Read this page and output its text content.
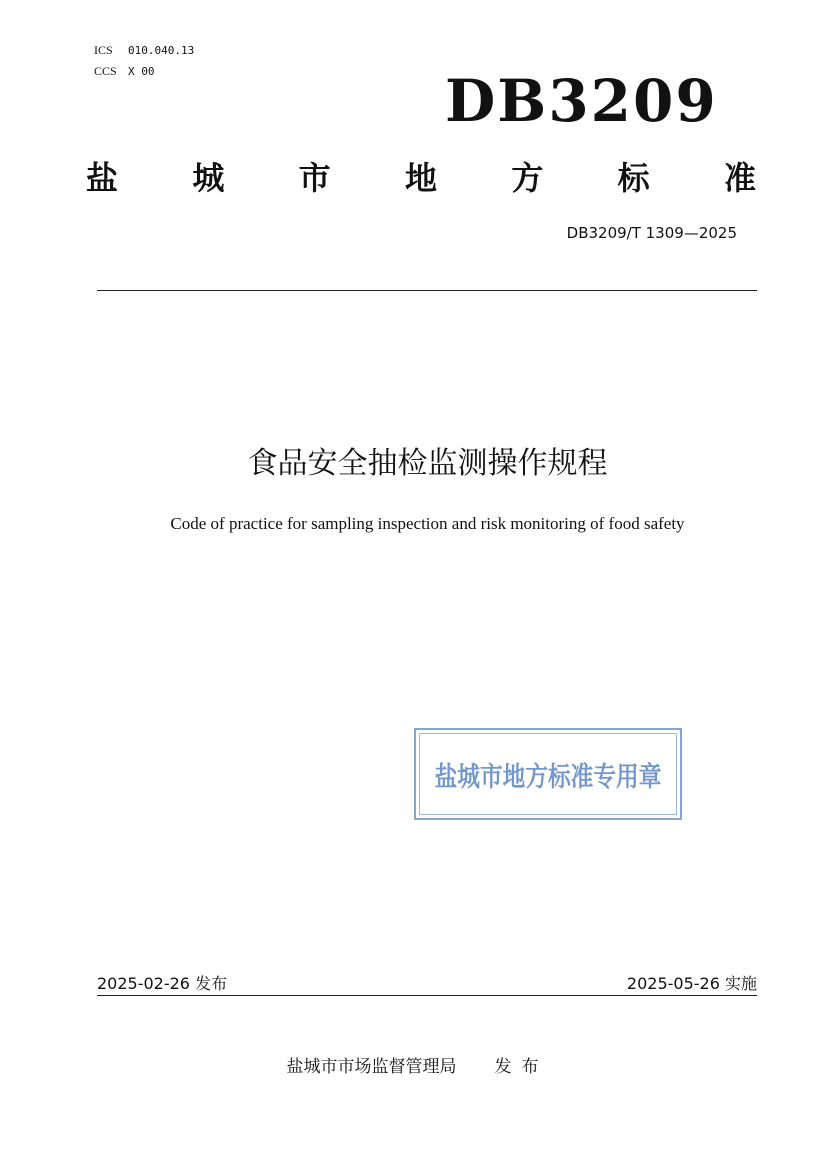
ICS 010.040.13
CCS X 00	DB3209
盐 城 市 地 方 标 准
DB3209/T 1309—2025
食品安全抽检监测操作规程
Code of practice for sampling inspection and risk monitoring of food safety
盐城市地方标准专用章
2025-02-26 发布	2025-05-26 实施
盐城市市场监督管理局 发布
